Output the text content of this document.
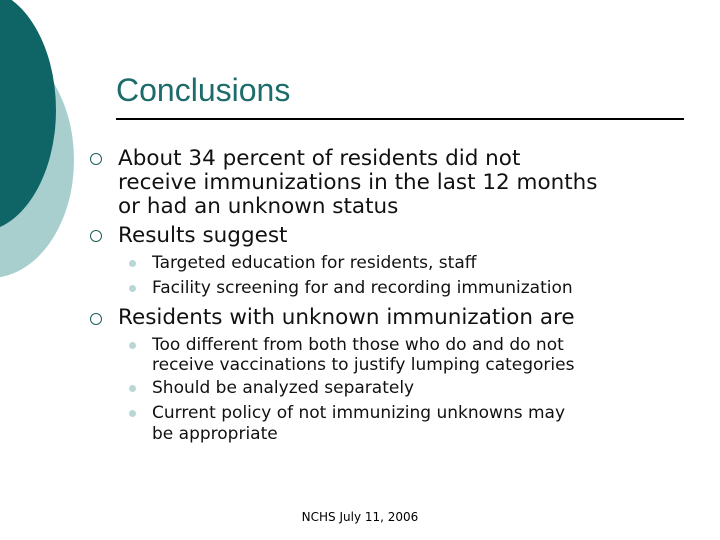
Conclusions
About 34 percent of residents did not
receive immunizations in the last 12 months
or had an unknown status
Results suggest
Targeted education for residents, staff
Facility screening for and recording immunization
Residents with unknown immunization are
Too different from both those who do and do not
receive vaccinations to justify lumping categories
Should be analyzed separately
Current policy of not immunizing unknowns may
be appropriate
NCHS July 11, 2006
